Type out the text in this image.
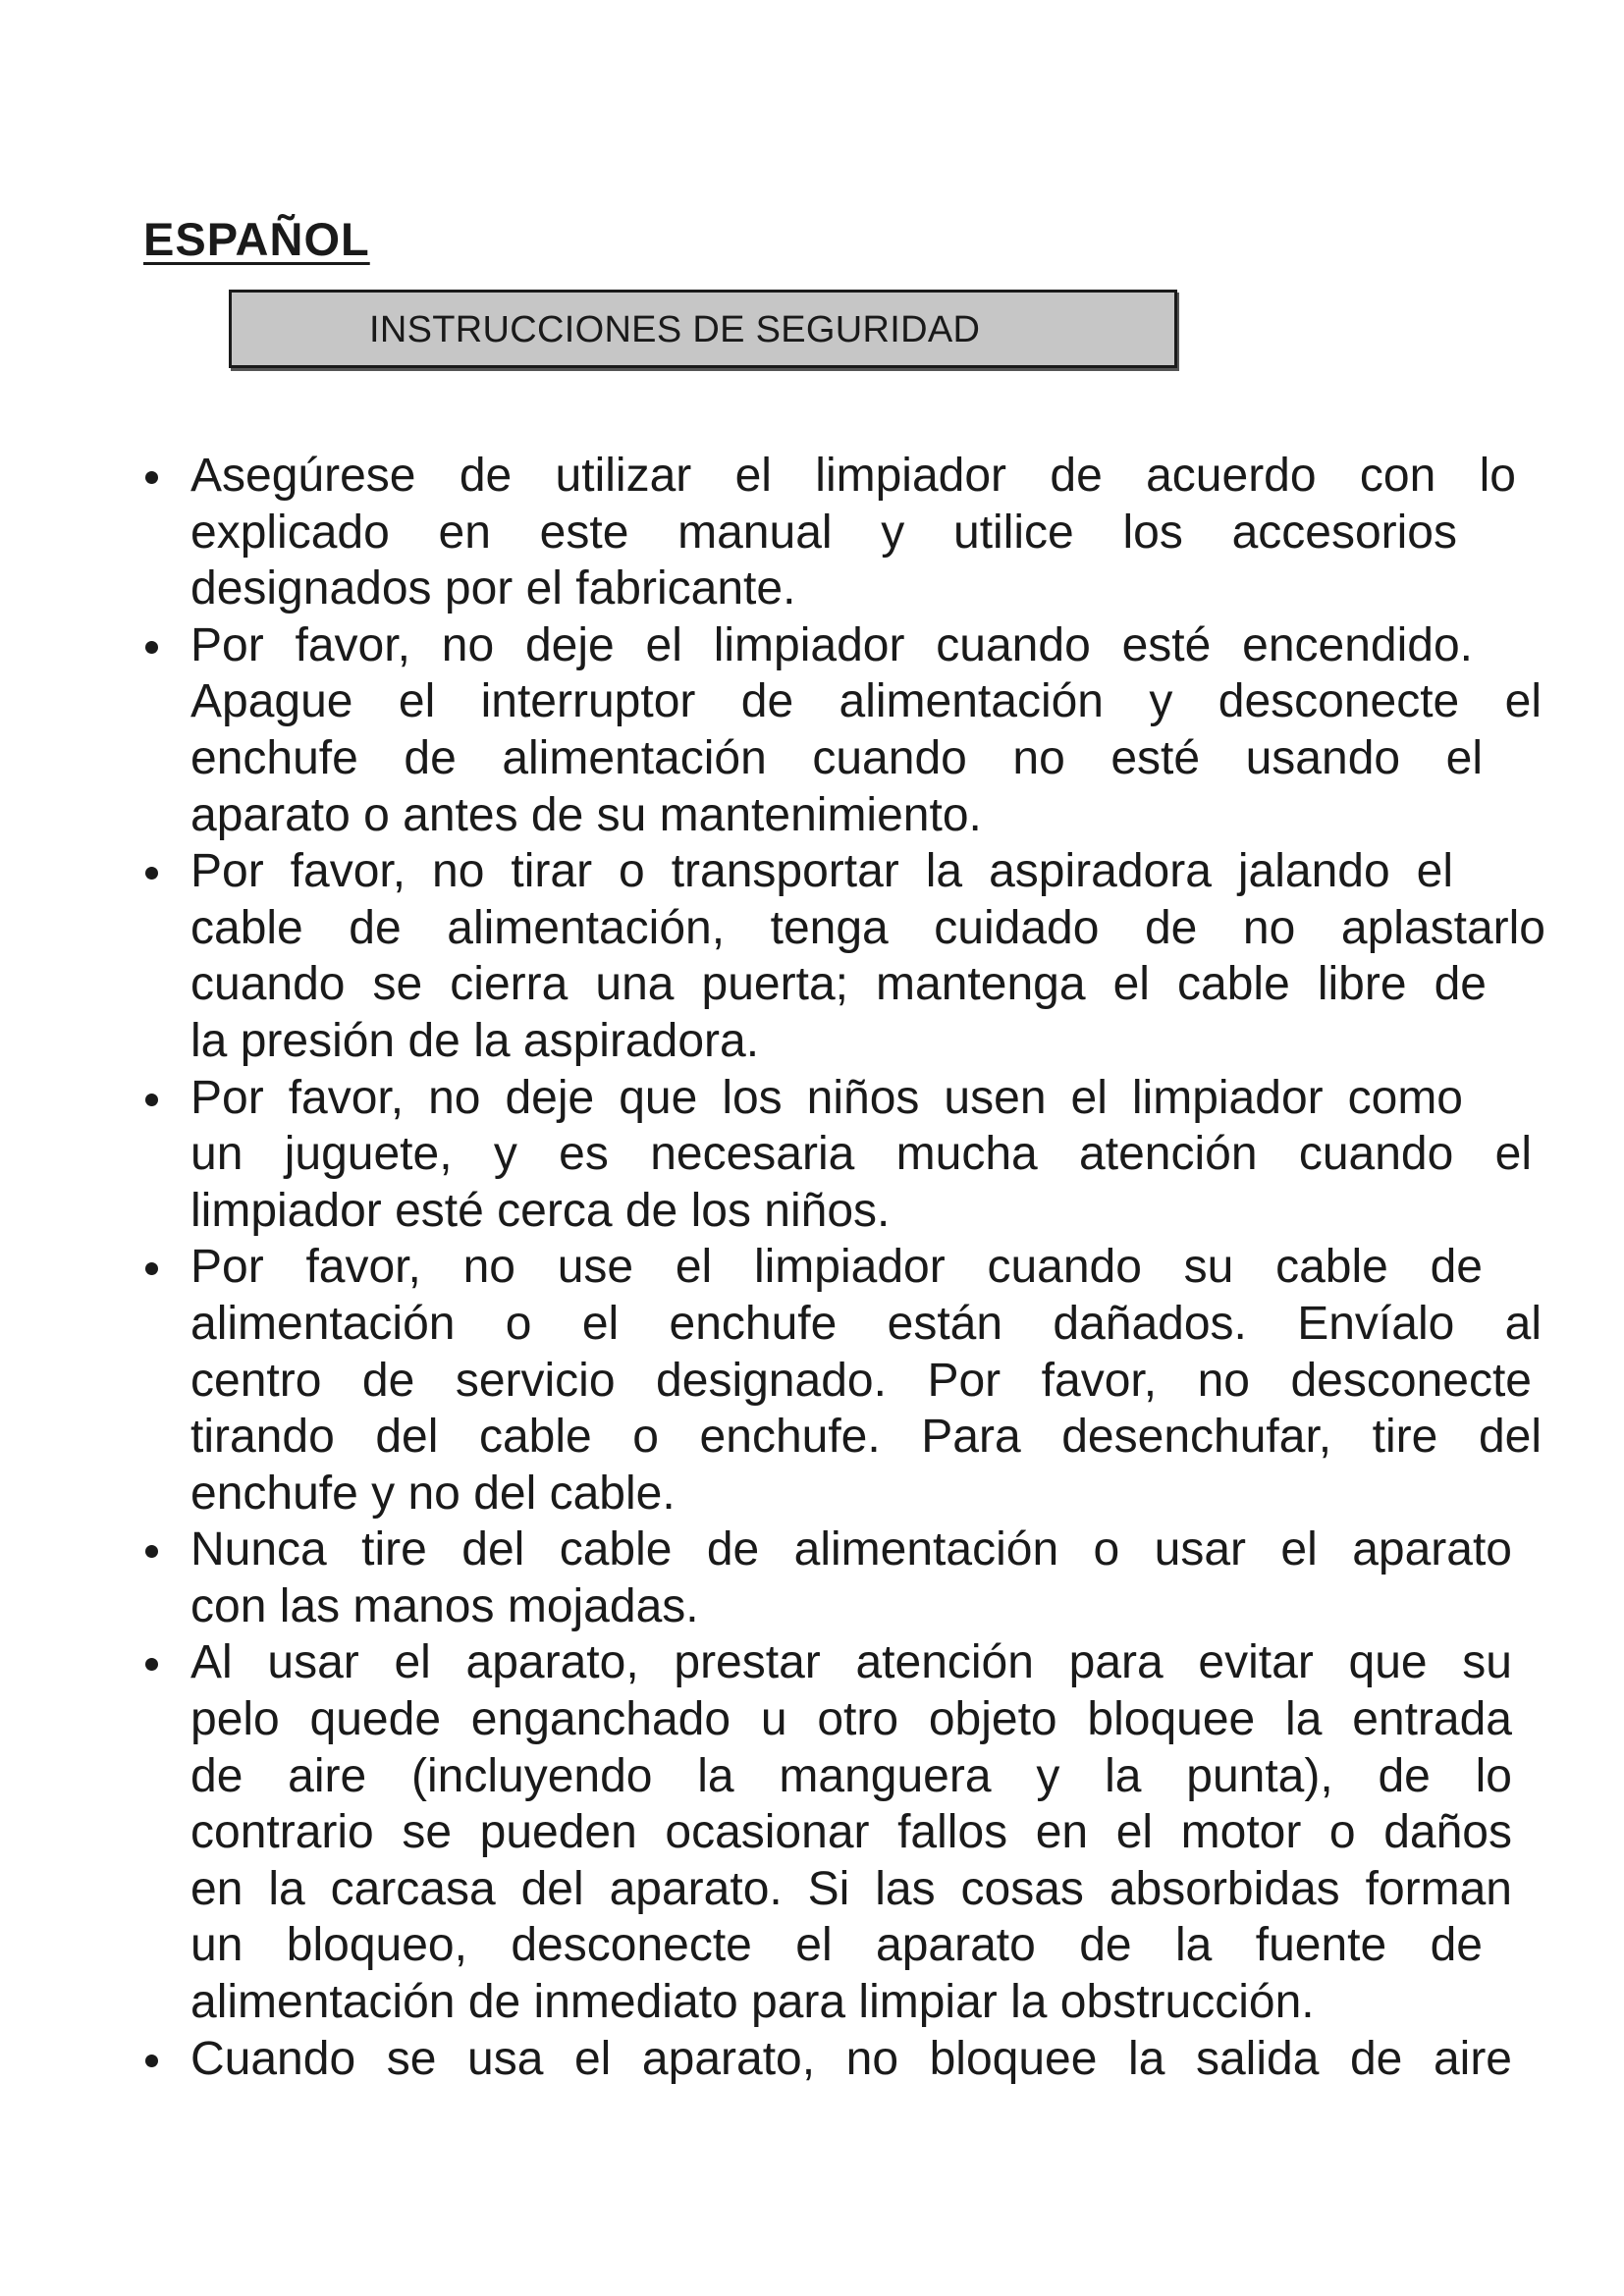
ESPAÑOL
INSTRUCCIONES DE SEGURIDAD
Asegúrese de utilizar el limpiador de acuerdo con lo
explicado en este manual y utilice los accesorios
designados por el fabricante.
Por favor, no deje el limpiador cuando esté encendido.
Apague el interruptor de alimentación y desconecte el
enchufe de alimentación cuando no esté usando el
aparato o antes de su mantenimiento.
Por favor, no tirar o transportar la aspiradora jalando el
cable de alimentación, tenga cuidado de no aplastarlo
cuando se cierra una puerta; mantenga el cable libre de
la presión de la aspiradora.
Por favor, no deje que los niños usen el limpiador como
un juguete, y es necesaria mucha atención cuando el
limpiador esté cerca de los niños.
Por favor, no use el limpiador cuando su cable de
alimentación o el enchufe están dañados. Envíalo al
centro de servicio designado. Por favor, no desconecte
tirando del cable o enchufe. Para desenchufar, tire del
enchufe y no del cable.
Nunca tire del cable de alimentación o usar el aparato
con las manos mojadas.
Al usar el aparato, prestar atención para evitar que su
pelo quede enganchado u otro objeto bloquee la entrada
de aire (incluyendo la manguera y la punta), de lo
contrario se pueden ocasionar fallos en el motor o daños
en la carcasa del aparato. Si las cosas absorbidas forman
un bloqueo, desconecte el aparato de la fuente de
alimentación de inmediato para limpiar la obstrucción.
Cuando se usa el aparato, no bloquee la salida de aire
